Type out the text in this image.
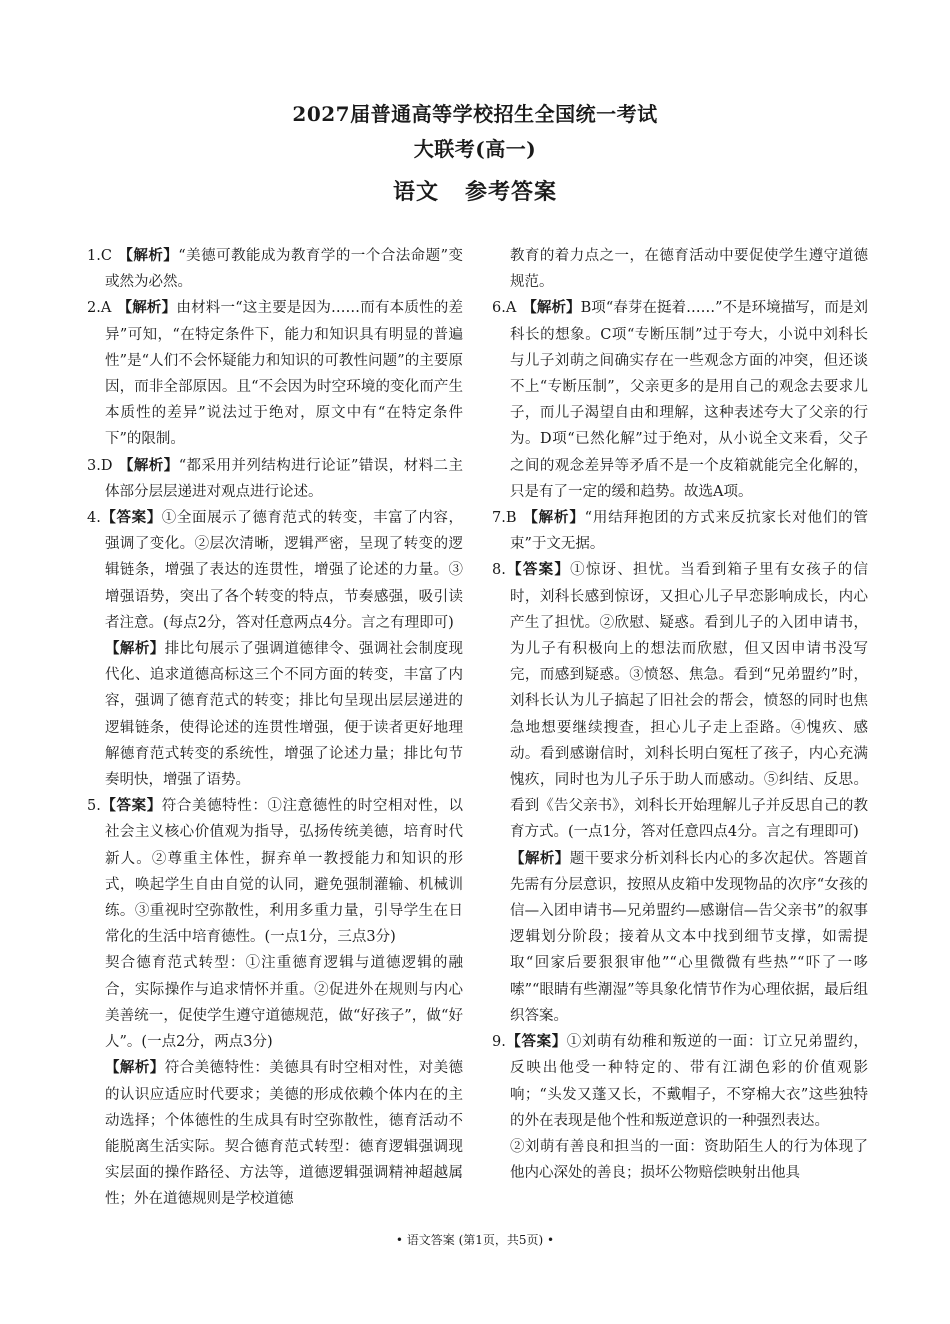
2027届普通高等学校招生全国统一考试
大联考(高一)
语文 参考答案

1.C 【解析】“美德可教能成为教育学的一个合法命题”变或然为必然。

2.A 【解析】由材料一“这主要是因为……而有本质性的差异”可知，“在特定条件下，能力和知识具有明显的普遍性”是“人们不会怀疑能力和知识的可教性问题”的主要原因，而非全部原因。且“不会因为时空环境的变化而产生本质性的差异”说法过于绝对，原文中有“在特定条件下”的限制。

3.D 【解析】“都采用并列结构进行论证”错误，材料二主体部分层层递进对观点进行论述。

4.【答案】①全面展示了德育范式的转变，丰富了内容，强调了变化。②层次清晰，逻辑严密，呈现了转变的逻辑链条，增强了表达的连贯性，增强了论述的力量。③增强语势，突出了各个转变的特点，节奏感强，吸引读者注意。(每点2分，答对任意两点4分。言之有理即可)

【解析】排比句展示了强调道德律令、强调社会制度现代化、追求道德高标这三个不同方面的转变，丰富了内容，强调了德育范式的转变；排比句呈现出层层递进的逻辑链条，使得论述的连贯性增强，便于读者更好地理解德育范式转变的系统性，增强了论述力量；排比句节奏明快，增强了语势。

5.【答案】符合美德特性：①注意德性的时空相对性，以社会主义核心价值观为指导，弘扬传统美德，培育时代新人。②尊重主体性，摒弃单一教授能力和知识的形式，唤起学生自由自觉的认同，避免强制灌输、机械训练。③重视时空弥散性，利用多重力量，引导学生在日常化的生活中培育德性。(一点1分，三点3分)

契合德育范式转型：①注重德育逻辑与道德逻辑的融合，实际操作与追求情怀并重。②促进外在规则与内心美善统一，促使学生遵守道德规范，做“好孩子”，做“好人”。(一点2分，两点3分)

【解析】符合美德特性：美德具有时空相对性，对美德的认识应适应时代要求；美德的形成依赖个体内在的主动选择；个体德性的生成具有时空弥散性，德育活动不能脱离生活实际。契合德育范式转型：德育逻辑强调现实层面的操作路径、方法等，道德逻辑强调精神超越属性；外在道德规则是学校道德

教育的着力点之一，在德育活动中要促使学生遵守道德规范。

6.A 【解析】B项“春芽在挺着……”不是环境描写，而是刘科长的想象。C项“专断压制”过于夸大，小说中刘科长与儿子刘萌之间确实存在一些观念方面的冲突，但还谈不上“专断压制”，父亲更多的是用自己的观念去要求儿子，而儿子渴望自由和理解，这种表述夸大了父亲的行为。D项“已然化解”过于绝对，从小说全文来看，父子之间的观念差异等矛盾不是一个皮箱就能完全化解的，只是有了一定的缓和趋势。故选A项。

7.B 【解析】“用结拜抱团的方式来反抗家长对他们的管束”于文无据。

8.【答案】①惊讶、担忧。当看到箱子里有女孩子的信时，刘科长感到惊讶，又担心儿子早恋影响成长，内心产生了担忧。②欣慰、疑惑。看到儿子的入团申请书，为儿子有积极向上的想法而欣慰，但又因申请书没写完，而感到疑惑。③愤怒、焦急。看到“兄弟盟约”时，刘科长认为儿子搞起了旧社会的帮会，愤怒的同时也焦急地想要继续搜查，担心儿子走上歪路。④愧疚、感动。看到感谢信时，刘科长明白冤枉了孩子，内心充满愧疚，同时也为儿子乐于助人而感动。⑤纠结、反思。看到《告父亲书》，刘科长开始理解儿子并反思自己的教育方式。(一点1分，答对任意四点4分。言之有理即可)

【解析】题干要求分析刘科长内心的多次起伏。答题首先需有分层意识，按照从皮箱中发现物品的次序“女孩的信—入团申请书—兄弟盟约—感谢信—告父亲书”的叙事逻辑划分阶段；接着从文本中找到细节支撑，如需提取“回家后要狠狠审他”“心里微微有些热”“吓了一哆嗦”“眼睛有些潮湿”等具象化情节作为心理依据，最后组织答案。

9.【答案】①刘萌有幼稚和叛逆的一面：订立兄弟盟约，反映出他受一种特定的、带有江湖色彩的价值观影响；“头发又蓬又长，不戴帽子，不穿棉大衣”这些独特的外在表现是他个性和叛逆意识的一种强烈表达。

②刘萌有善良和担当的一面：资助陌生人的行为体现了他内心深处的善良；损坏公物赔偿映射出他具

• 语文答案 (第1页，共5页) •
